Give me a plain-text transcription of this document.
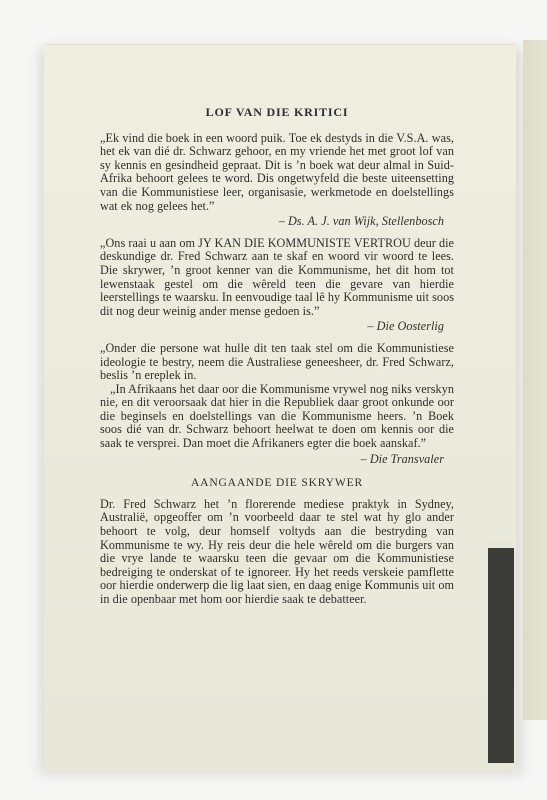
LOF VAN DIE KRITICI

„Ek vind die boek in een woord puik. Toe ek destyds in die V.S.A. was, het ek van dié dr. Schwarz gehoor, en my vriende het met groot lof van sy kennis en gesindheid gepraat. Dit is ’n boek wat deur almal in Suid-Afrika behoort gelees te word. Dis ongetwyfeld die beste uiteensetting van die Kommunistiese leer, organisasie, werkmetode en doelstellings wat ek nog gelees het.”

– Ds. A. J. van Wijk, Stellenbosch

„Ons raai u aan om JY KAN DIE KOMMUNISTE VERTROU deur die deskundige dr. Fred Schwarz aan te skaf en woord vir woord te lees. Die skrywer, ’n groot kenner van die Kommunisme, het dit hom tot lewenstaak gestel om die wêreld teen die gevare van hierdie leerstellings te waarsku. In eenvoudige taal lê hy Kommunisme uit soos dit nog deur weinig ander mense gedoen is.”

– Die Oosterlig

„Onder die persone wat hulle dit ten taak stel om die Kommunistiese ideologie te bestry, neem die Australiese geneesheer, dr. Fred Schwarz, beslis ’n ereplek in.

„In Afrikaans het daar oor die Kommunisme vrywel nog niks verskyn nie, en dit veroorsaak dat hier in die Republiek daar groot onkunde oor die beginsels en doelstellings van die Kommunisme heers. ’n Boek soos dié van dr. Schwarz behoort heelwat te doen om kennis oor die saak te versprei. Dan moet die Afrikaners egter die boek aanskaf.”

– Die Transvaler
AANGAANDE DIE SKRYWER

Dr. Fred Schwarz het ’n florerende mediese praktyk in Sydney, Australië, opgeoffer om ’n voorbeeld daar te stel wat hy glo ander behoort te volg, deur homself voltyds aan die bestryding van Kommunisme te wy. Hy reis deur die hele wêreld om die burgers van die vrye lande te waarsku teen die gevaar om die Kommunistiese bedreiging te onderskat of te ignoreer. Hy het reeds verskeie pamflette oor hierdie onderwerp die lig laat sien, en daag enige Kommunis uit om in die openbaar met hom oor hierdie saak te debatteer.
